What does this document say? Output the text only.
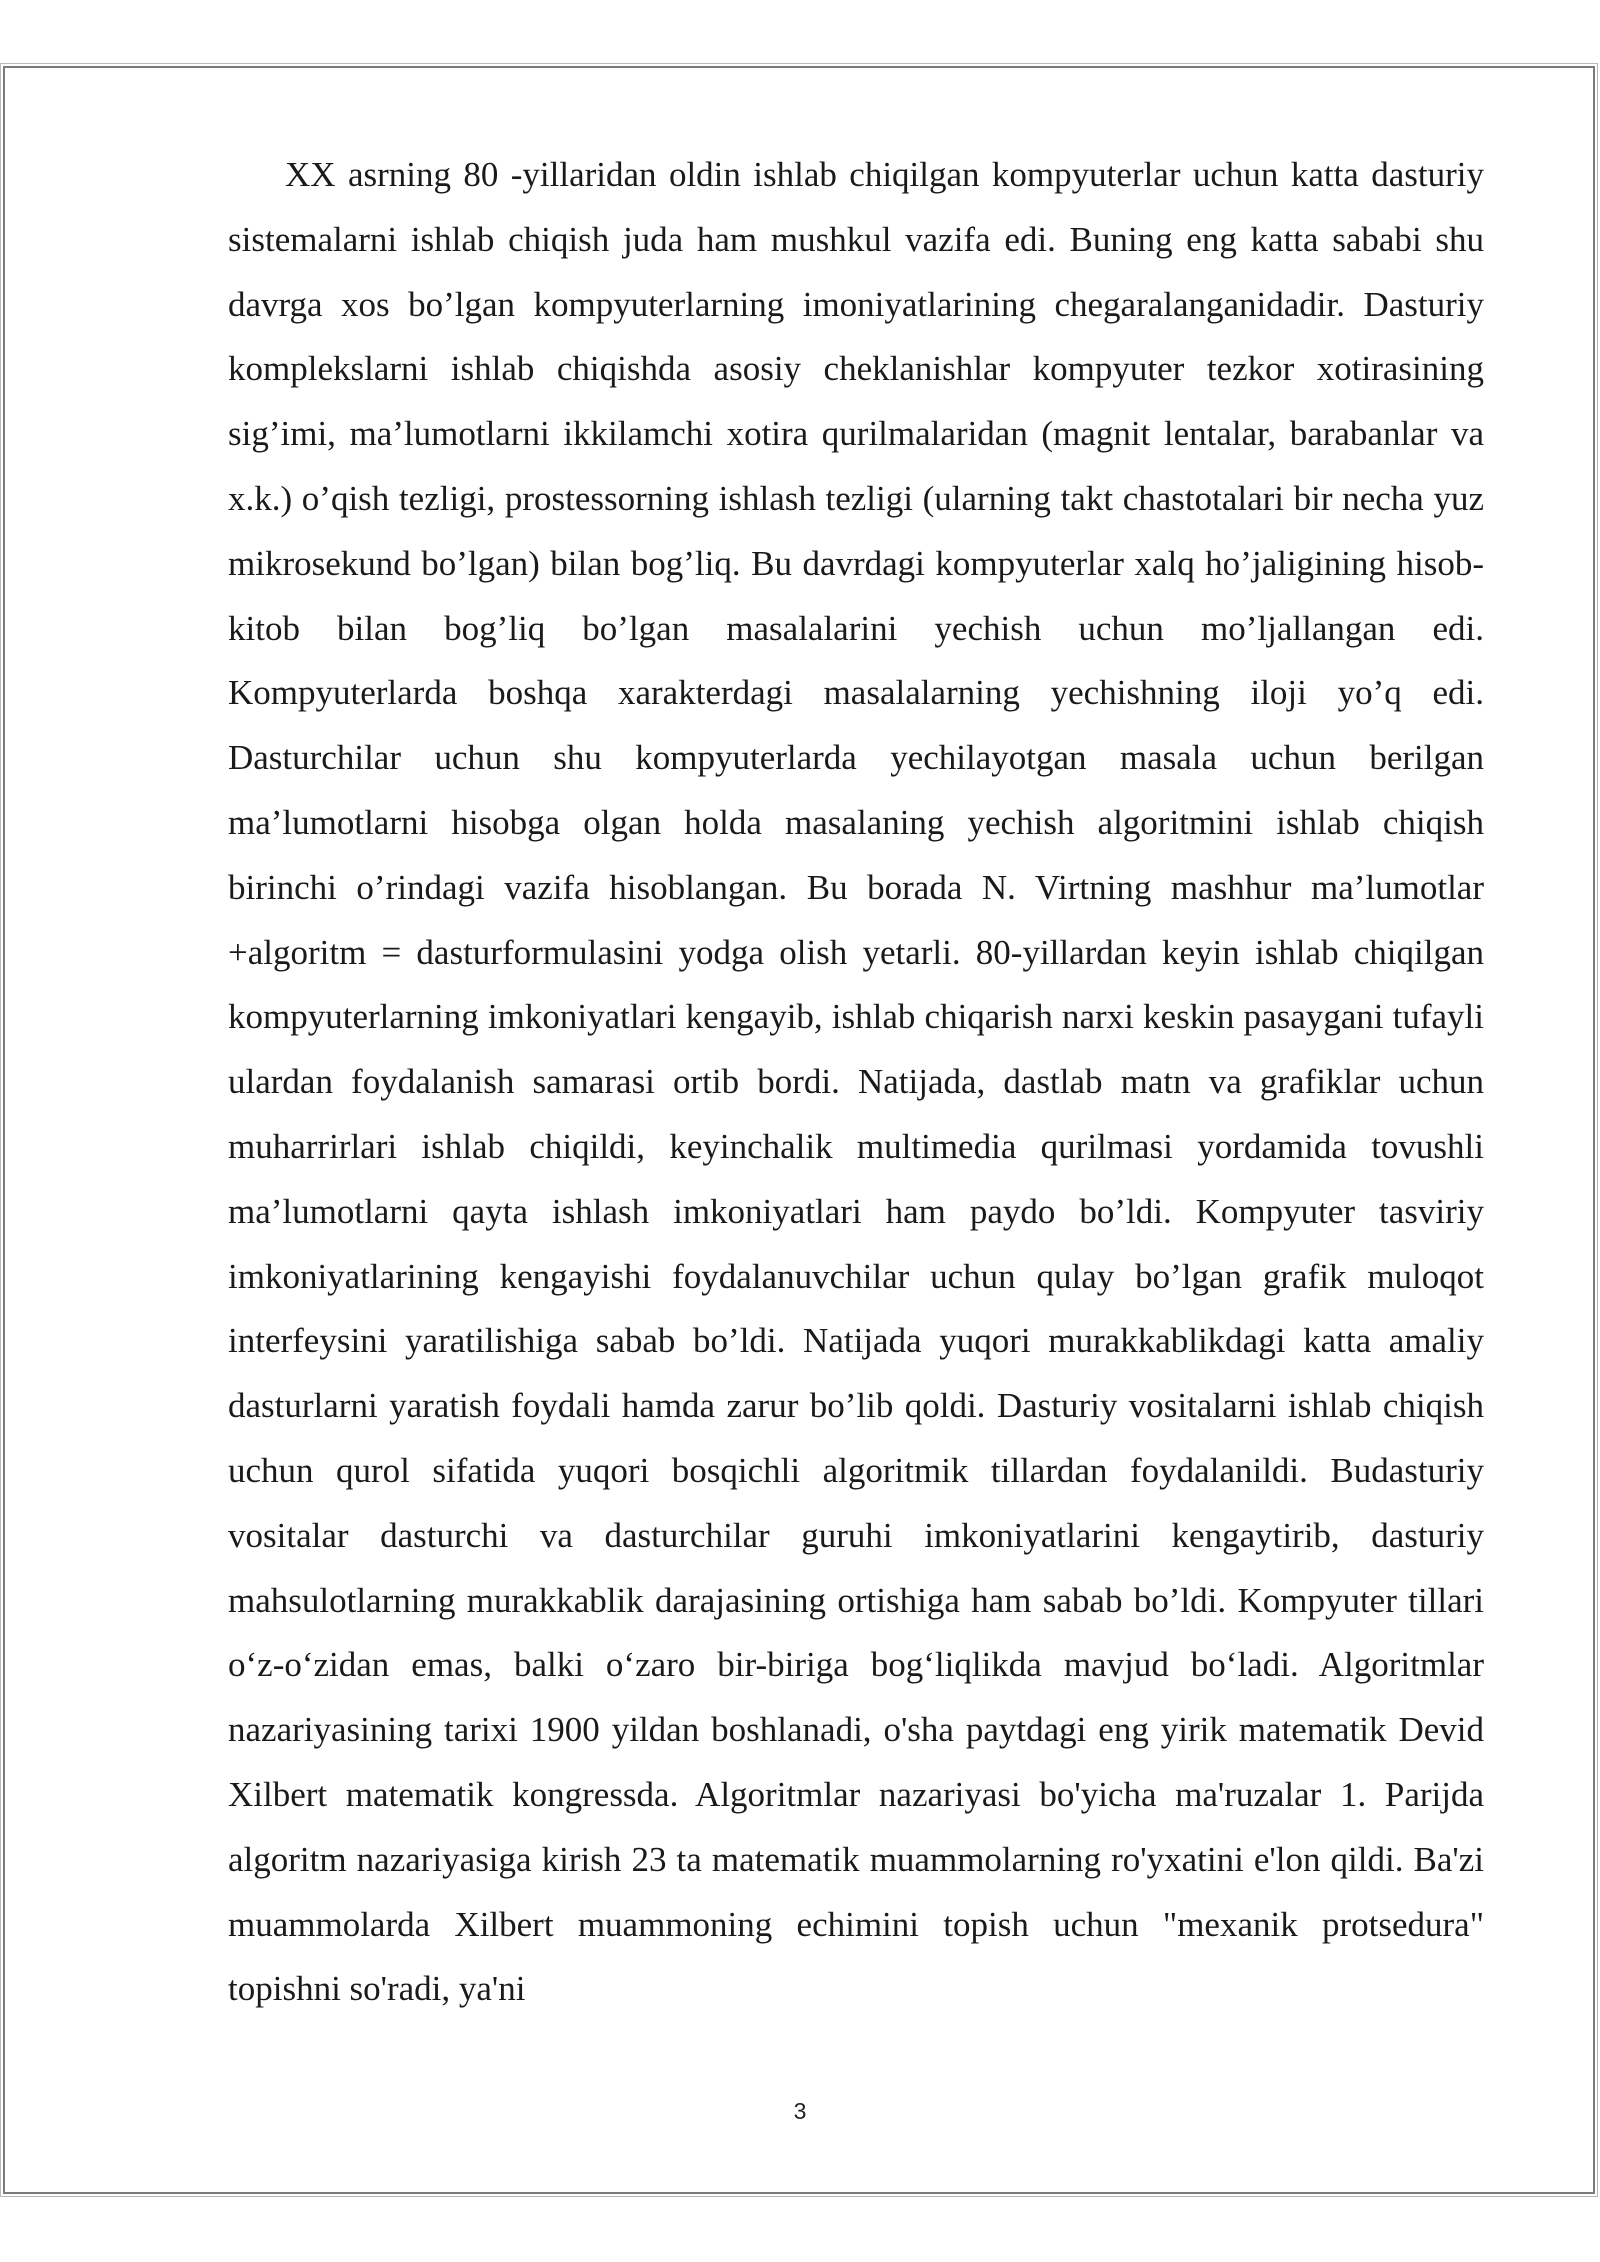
XX asrning 80 -yillaridan oldin ishlab chiqilgan kompyuterlar uchun katta dasturiy sistemalarni ishlab chiqish juda ham mushkul vazifa edi. Buning eng katta sababi shu davrga xos bo’lgan kompyuterlarning imoniyatlarining chegaralanganidadir. Dasturiy komplekslarni ishlab chiqishda asosiy cheklanishlar kompyuter tezkor xotirasining sig’imi, ma’lumotlarni ikkilamchi xotira qurilmalaridan (magnit lentalar, barabanlar va x.k.) o’qish tezligi, prostessorning ishlash tezligi (ularning takt chastotalari bir necha yuz mikrosekund bo’lgan) bilan bog’liq. Bu davrdagi kompyuterlar xalq ho’jaligining hisob-kitob bilan bog’liq bo’lgan masalalarini yechish uchun mo’ljallangan edi. Kompyuterlarda boshqa xarakterdagi masalalarning yechishning iloji yo’q edi. Dasturchilar uchun shu kompyuterlarda yechilayotgan masala uchun berilgan ma’lumotlarni hisobga olgan holda masalaning yechish algoritmini ishlab chiqish birinchi o’rindagi vazifa hisoblangan. Bu borada N. Virtning mashhur ma’lumotlar +algoritm = dasturformulasini yodga olish yetarli. 80-yillardan keyin ishlab chiqilgan kompyuterlarning imkoniyatlari kengayib, ishlab chiqarish narxi keskin pasaygani tufayli ulardan foydalanish samarasi ortib bordi. Natijada, dastlab matn va grafiklar uchun muharrirlari ishlab chiqildi, keyinchalik multimedia qurilmasi yordamida tovushli ma’lumotlarni qayta ishlash imkoniyatlari ham paydo bo’ldi. Kompyuter tasviriy imkoniyatlarining kengayishi foydalanuvchilar uchun qulay bo’lgan grafik muloqot interfeysini yaratilishiga sabab bo’ldi. Natijada yuqori murakkablikdagi katta amaliy dasturlarni yaratish foydali hamda zarur bo’lib qoldi. Dasturiy vositalarni ishlab chiqish uchun qurol sifatida yuqori bosqichli algoritmik tillardan foydalanildi. Budasturiy vositalar dasturchi va dasturchilar guruhi imkoniyatlarini kengaytirib, dasturiy mahsulotlarning murakkablik darajasining ortishiga ham sabab bo’ldi. Kompyuter tillari o‘z-o‘zidan emas, balki o‘zaro bir-biriga bog‘liqlikda mavjud bo‘ladi. Algoritmlar nazariyasining tarixi 1900 yildan boshlanadi, o'sha paytdagi eng yirik matematik Devid Xilbert matematik kongressda. Algoritmlar nazariyasi bo'yicha ma'ruzalar 1. Parijda algoritm nazariyasiga kirish 23 ta matematik muammolarning ro'yxatini e'lon qildi. Ba'zi muammolarda Xilbert muammoning echimini topish uchun "mexanik protsedura" topishni so'radi, ya'ni

3
